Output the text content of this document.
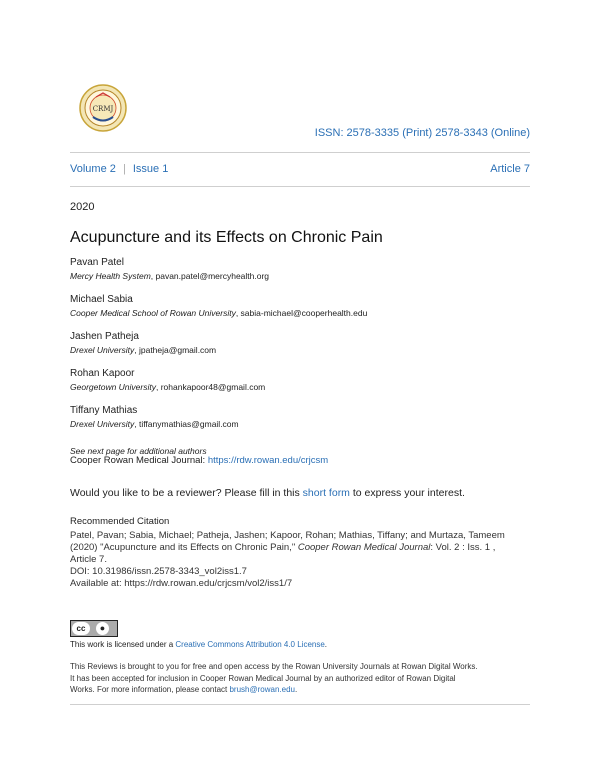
CRMJ
ISSN: 2578-3335 (Print) 2578-3343 (Online)
Volume 2 | Issue 1	Article 7
2020
Acupuncture and its Effects on Chronic Pain
Pavan Patel
Mercy Health System, pavan.patel@mercyhealth.org
Michael Sabia
Cooper Medical School of Rowan University, sabia-michael@cooperhealth.edu
Jashen Patheja
Drexel University, jpatheja@gmail.com
Rohan Kapoor
Georgetown University, rohankapoor48@gmail.com
Tiffany Mathias
Drexel University, tiffanymathias@gmail.com
See next page for additional authors
Cooper Rowan Medical Journal: https://rdw.rowan.edu/crjcsm
Would you like to be a reviewer? Please fill in this short form to express your interest.
Recommended Citation
Patel, Pavan; Sabia, Michael; Patheja, Jashen; Kapoor, Rohan; Mathias, Tiffany; and Murtaza, Tameem
(2020) "Acupuncture and its Effects on Chronic Pain," Cooper Rowan Medical Journal: Vol. 2 : Iss. 1 ,
Article 7.
DOI: 10.31986/issn.2578-3343_vol2iss1.7
Available at: https://rdw.rowan.edu/crjcsm/vol2/iss1/7
cc	●
This work is licensed under a Creative Commons Attribution 4.0 License.
This Reviews is brought to you for free and open access by the Rowan University Journals at Rowan Digital Works.
It has been accepted for inclusion in Cooper Rowan Medical Journal by an authorized editor of Rowan Digital
Works. For more information, please contact brush@rowan.edu.
